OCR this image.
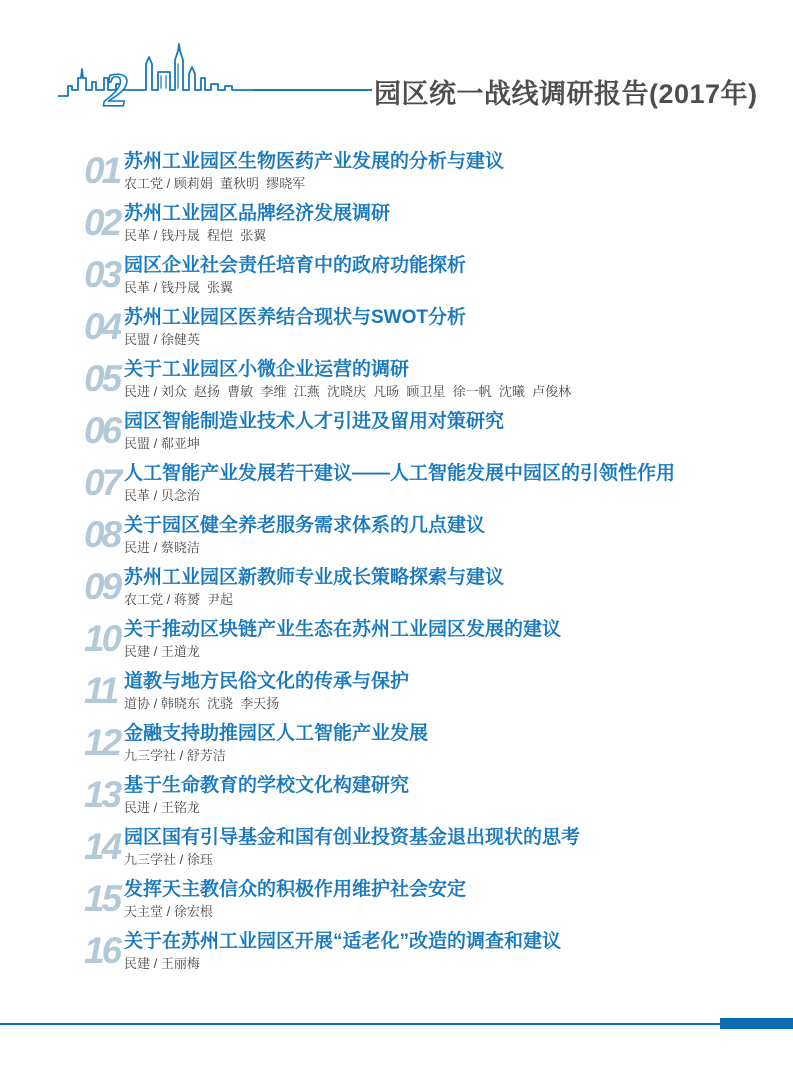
2	园区统一战线调研报告(2017年)
01 苏州工业园区生物医药产业发展的分析与建议
农工党 / 顾莉娟  董秋明  缪晓军
02 苏州工业园区品牌经济发展调研
民革 / 钱丹晟  程恺  张翼
03 园区企业社会责任培育中的政府功能探析
民革 / 钱丹晟  张翼
04 苏州工业园区医养结合现状与SWOT分析
民盟 / 徐健英
05 关于工业园区小微企业运营的调研
民进 / 刘众  赵扬  曹敏  李维  江燕  沈晓庆  凡旸  顾卫星  徐一帆  沈曦  卢俊林
06 园区智能制造业技术人才引进及留用对策研究
民盟 / 郗亚坤
07 人工智能产业发展若干建议——人工智能发展中园区的引领性作用
民革 / 贝念治
08 关于园区健全养老服务需求体系的几点建议
民进 / 蔡晓洁
09 苏州工业园区新教师专业成长策略探索与建议
农工党 / 蒋赟  尹起
10 关于推动区块链产业生态在苏州工业园区发展的建议
民建 / 王道龙
11 道教与地方民俗文化的传承与保护
道协 / 韩晓东  沈骁  李天扬
12 金融支持助推园区人工智能产业发展
九三学社 / 舒芳洁
13 基于生命教育的学校文化构建研究
民进 / 王铭龙
14 园区国有引导基金和国有创业投资基金退出现状的思考
九三学社 / 徐珏
15 发挥天主教信众的积极作用维护社会安定
天主堂 / 徐宏根
16 关于在苏州工业园区开展“适老化”改造的调查和建议
民建 / 王丽梅
